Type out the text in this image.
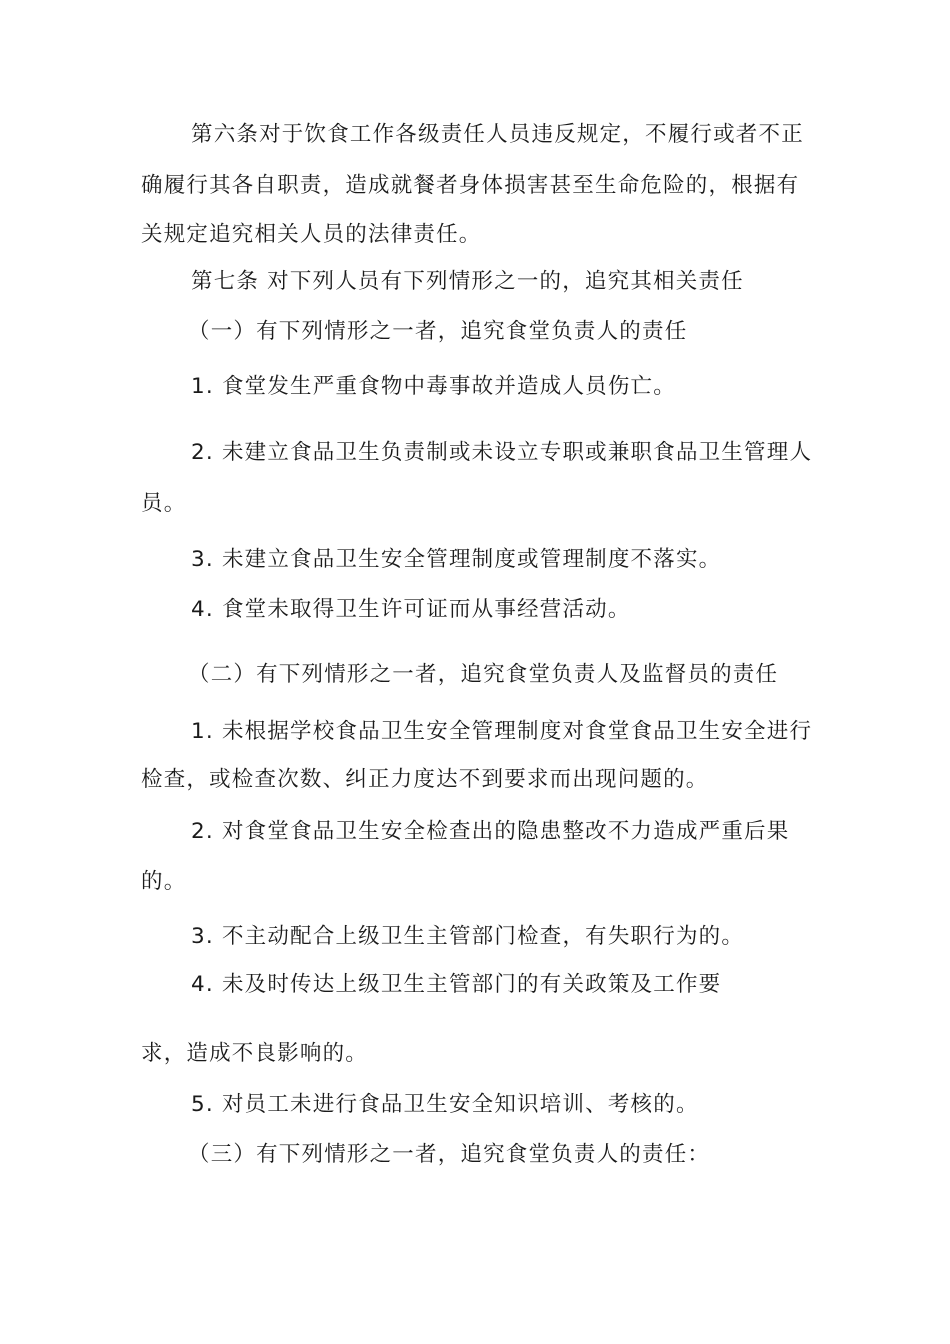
第六条对于饮食工作各级责任人员违反规定，不履行或者不正
确履行其各自职责，造成就餐者身体损害甚至生命危险的，根据有
关规定追究相关人员的法律责任。
第七条 对下列人员有下列情形之一的，追究其相关责任
（一）有下列情形之一者，追究食堂负责人的责任
1. 食堂发生严重食物中毒事故并造成人员伤亡。
2. 未建立食品卫生负责制或未设立专职或兼职食品卫生管理人
员。
3. 未建立食品卫生安全管理制度或管理制度不落实。
4. 食堂未取得卫生许可证而从事经营活动。
（二）有下列情形之一者，追究食堂负责人及监督员的责任
1. 未根据学校食品卫生安全管理制度对食堂食品卫生安全进行
检查，或检查次数、纠正力度达不到要求而出现问题的。
2. 对食堂食品卫生安全检查出的隐患整改不力造成严重后果
的。
3. 不主动配合上级卫生主管部门检查，有失职行为的。
4. 未及时传达上级卫生主管部门的有关政策及工作要
求，造成不良影响的。
5. 对员工未进行食品卫生安全知识培训、考核的。
（三）有下列情形之一者，追究食堂负责人的责任：
